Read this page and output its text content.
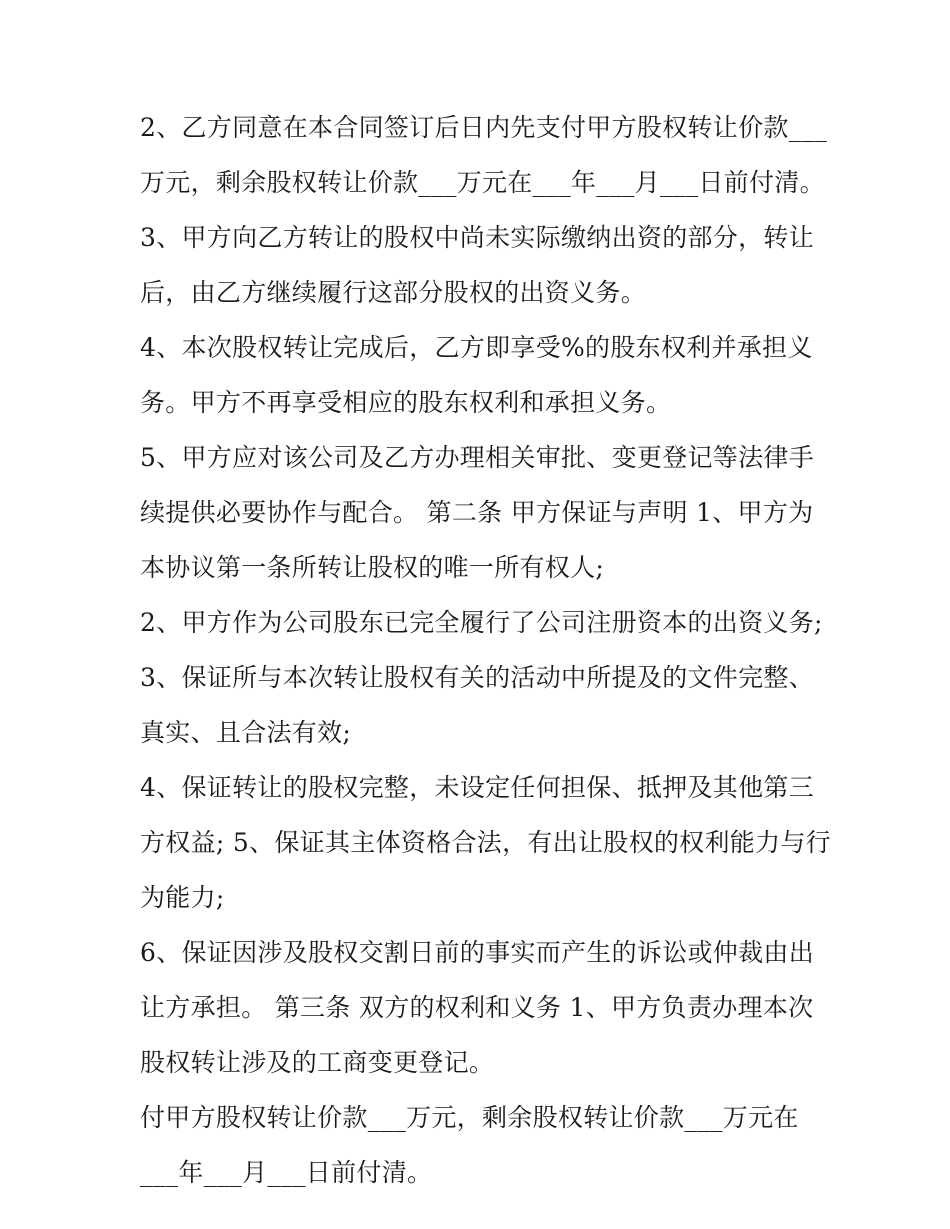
2、乙方同意在本合同签订后日内先支付甲方股权转让价款___
万元，剩余股权转让价款___万元在___年___月___日前付清。
3、甲方向乙方转让的股权中尚未实际缴纳出资的部分，转让
后，由乙方继续履行这部分股权的出资义务。
4、本次股权转让完成后，乙方即享受%的股东权利并承担义
务。甲方不再享受相应的股东权利和承担义务。
5、甲方应对该公司及乙方办理相关审批、变更登记等法律手
续提供必要协作与配合。 第二条 甲方保证与声明 1、甲方为
本协议第一条所转让股权的唯一所有权人;
2、甲方作为公司股东已完全履行了公司注册资本的出资义务;
3、保证所与本次转让股权有关的活动中所提及的文件完整、
真实、且合法有效;
4、保证转让的股权完整，未设定任何担保、抵押及其他第三
方权益; 5、保证其主体资格合法，有出让股权的权利能力与行
为能力;
6、保证因涉及股权交割日前的事实而产生的诉讼或仲裁由出
让方承担。 第三条 双方的权利和义务 1、甲方负责办理本次
股权转让涉及的工商变更登记。
付甲方股权转让价款___万元，剩余股权转让价款___万元在
___年___月___日前付清。
